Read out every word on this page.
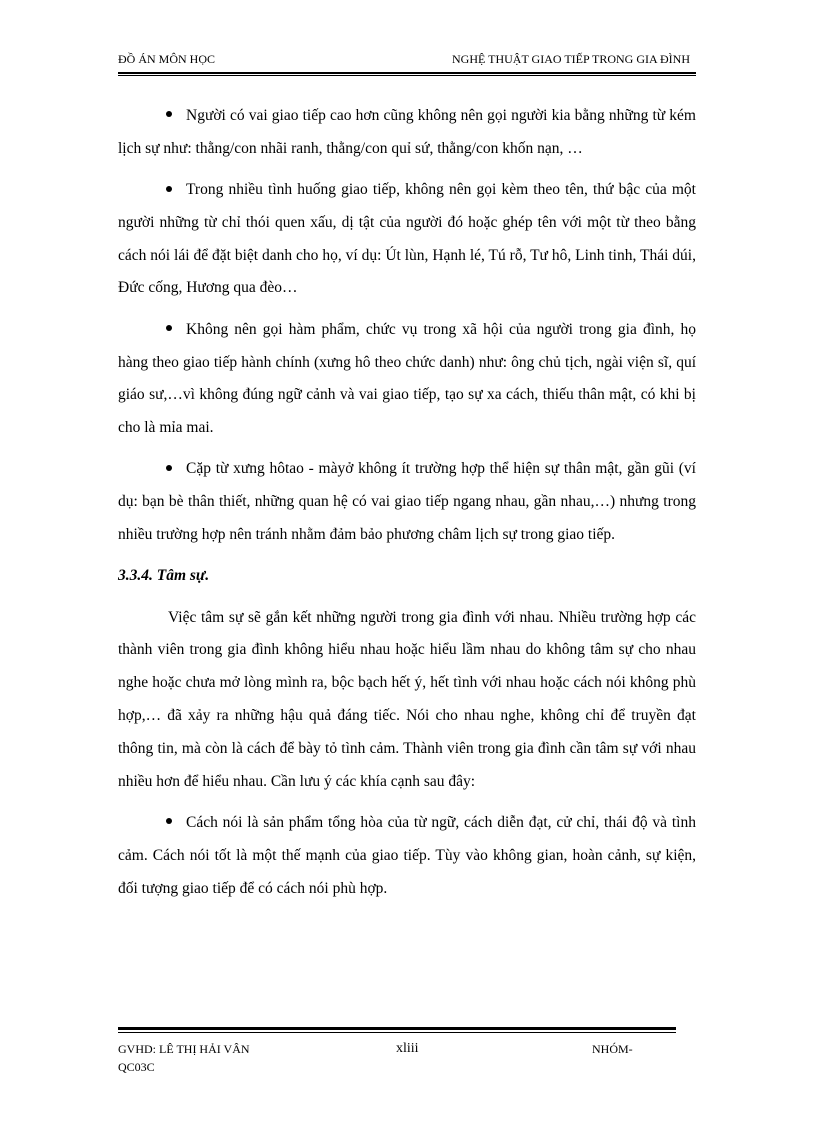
ĐỒ ÁN MÔN HỌC	NGHỆ THUẬT GIAO TIẾP TRONG GIA ĐÌNH

Người có vai giao tiếp cao hơn cũng không nên gọi người kia bằng những từ kém lịch sự như: thằng/con nhãi ranh, thằng/con quỉ sứ, thằng/con khốn nạn, …

Trong nhiều tình huống giao tiếp, không nên gọi kèm theo tên, thứ bậc của một người những từ chỉ thói quen xấu, dị tật của người đó hoặc ghép tên với một từ theo bằng cách nói lái để đặt biệt danh cho họ, ví dụ: Út lùn, Hạnh lé, Tú rỗ, Tư hô, Linh tinh, Thái dúi, Đức cống, Hương qua đèo…

Không nên gọi hàm phẩm, chức vụ trong xã hội của người trong gia đình, họ hàng theo giao tiếp hành chính (xưng hô theo chức danh) như: ông chủ tịch, ngài viện sĩ, quí giáo sư,…vì không đúng ngữ cảnh và vai giao tiếp, tạo sự xa cách, thiếu thân mật, có khi bị cho là mỉa mai.

Cặp từ xưng hôtao - màyở không ít trường hợp thể hiện sự thân mật, gần gũi (ví dụ: bạn bè thân thiết, những quan hệ có vai giao tiếp ngang nhau, gần nhau,…) nhưng trong nhiều trường hợp nên tránh nhằm đảm bảo phương châm lịch sự trong giao tiếp.

3.3.4. Tâm sự.

Việc tâm sự sẽ gắn kết những người trong gia đình với nhau. Nhiều trường hợp các thành viên trong gia đình không hiểu nhau hoặc hiểu lầm nhau do không tâm sự cho nhau nghe hoặc chưa mở lòng mình ra, bộc bạch hết ý, hết tình với nhau hoặc cách nói không phù hợp,… đã xảy ra những hậu quả đáng tiếc. Nói cho nhau nghe, không chỉ để truyền đạt thông tin, mà còn là cách để bày tỏ tình cảm. Thành viên trong gia đình cần tâm sự với nhau nhiều hơn để hiểu nhau. Cần lưu ý các khía cạnh sau đây:

Cách nói là sản phẩm tổng hòa của từ ngữ, cách diễn đạt, cử chỉ, thái độ và tình cảm. Cách nói tốt là một thế mạnh của giao tiếp. Tùy vào không gian, hoàn cảnh, sự kiện, đối tượng giao tiếp để có cách nói phù hợp.

GVHD: LÊ THỊ HẢI VÂN
QC03C
xliii	NHÓM-
